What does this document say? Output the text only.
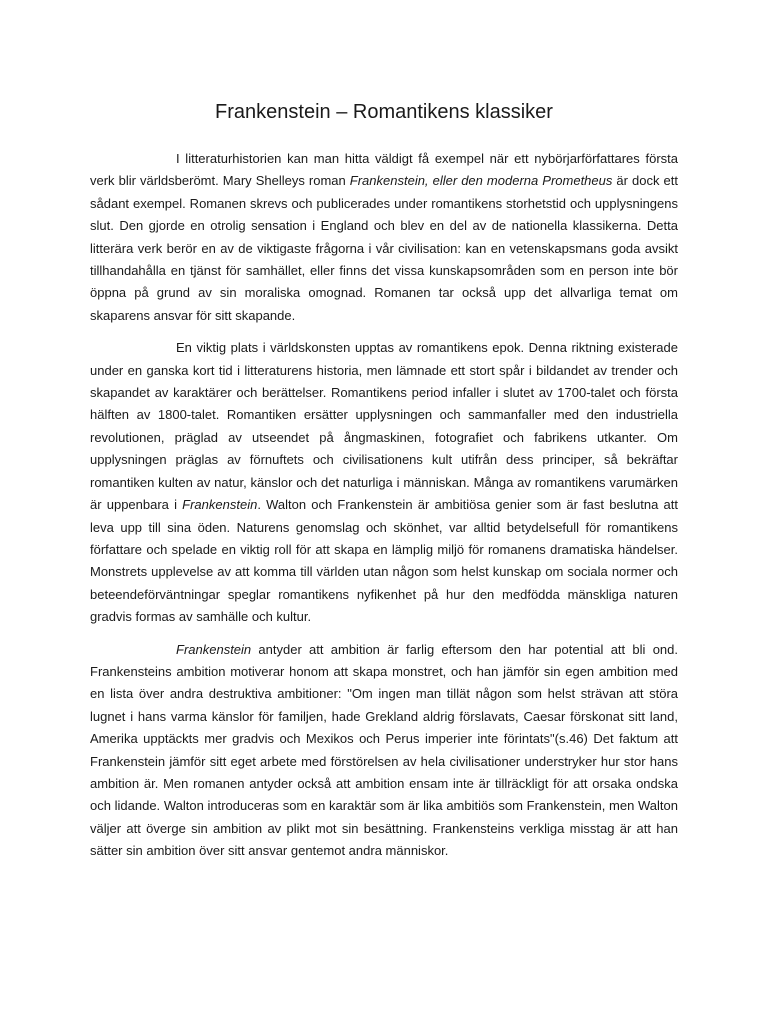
Frankenstein – Romantikens klassiker

I litteraturhistorien kan man hitta väldigt få exempel när ett nybörjarförfattares första verk blir världsberömt. Mary Shelleys roman Frankenstein, eller den moderna Prometheus är dock ett sådant exempel. Romanen skrevs och publicerades under romantikens storhetstid och upplysningens slut. Den gjorde en otrolig sensation i England och blev en del av de nationella klassikerna. Detta litterära verk berör en av de viktigaste frågorna i vår civilisation: kan en vetenskapsmans goda avsikt tillhandahålla en tjänst för samhället, eller finns det vissa kunskapsområden som en person inte bör öppna på grund av sin moraliska omognad. Romanen tar också upp det allvarliga temat om skaparens ansvar för sitt skapande.

En viktig plats i världskonsten upptas av romantikens epok. Denna riktning existerade under en ganska kort tid i litteraturens historia, men lämnade ett stort spår i bildandet av trender och skapandet av karaktärer och berättelser. Romantikens period infaller i slutet av 1700-talet och första hälften av 1800-talet. Romantiken ersätter upplysningen och sammanfaller med den industriella revolutionen, präglad av utseendet på ångmaskinen, fotografiet och fabrikens utkanter. Om upplysningen präglas av förnuftets och civilisationens kult utifrån dess principer, så bekräftar romantiken kulten av natur, känslor och det naturliga i människan. Många av romantikens varumärken är uppenbara i Frankenstein. Walton och Frankenstein är ambitiösa genier som är fast beslutna att leva upp till sina öden. Naturens genomslag och skönhet, var alltid betydelsefull för romantikens författare och spelade en viktig roll för att skapa en lämplig miljö för romanens dramatiska händelser. Monstrets upplevelse av att komma till världen utan någon som helst kunskap om sociala normer och beteendeförväntningar speglar romantikens nyfikenhet på hur den medfödda mänskliga naturen gradvis formas av samhälle och kultur.

Frankenstein antyder att ambition är farlig eftersom den har potential att bli ond. Frankensteins ambition motiverar honom att skapa monstret, och han jämför sin egen ambition med en lista över andra destruktiva ambitioner: "Om ingen man tillät någon som helst strävan att störa lugnet i hans varma känslor för familjen, hade Grekland aldrig förslavats, Caesar förskonat sitt land, Amerika upptäckts mer gradvis och Mexikos och Perus imperier inte förintats"(s.46) Det faktum att Frankenstein jämför sitt eget arbete med förstörelsen av hela civilisationer understryker hur stor hans ambition är. Men romanen antyder också att ambition ensam inte är tillräckligt för att orsaka ondska och lidande. Walton introduceras som en karaktär som är lika ambitiös som Frankenstein, men Walton väljer att överge sin ambition av plikt mot sin besättning. Frankensteins verkliga misstag är att han sätter sin ambition över sitt ansvar gentemot andra människor.
